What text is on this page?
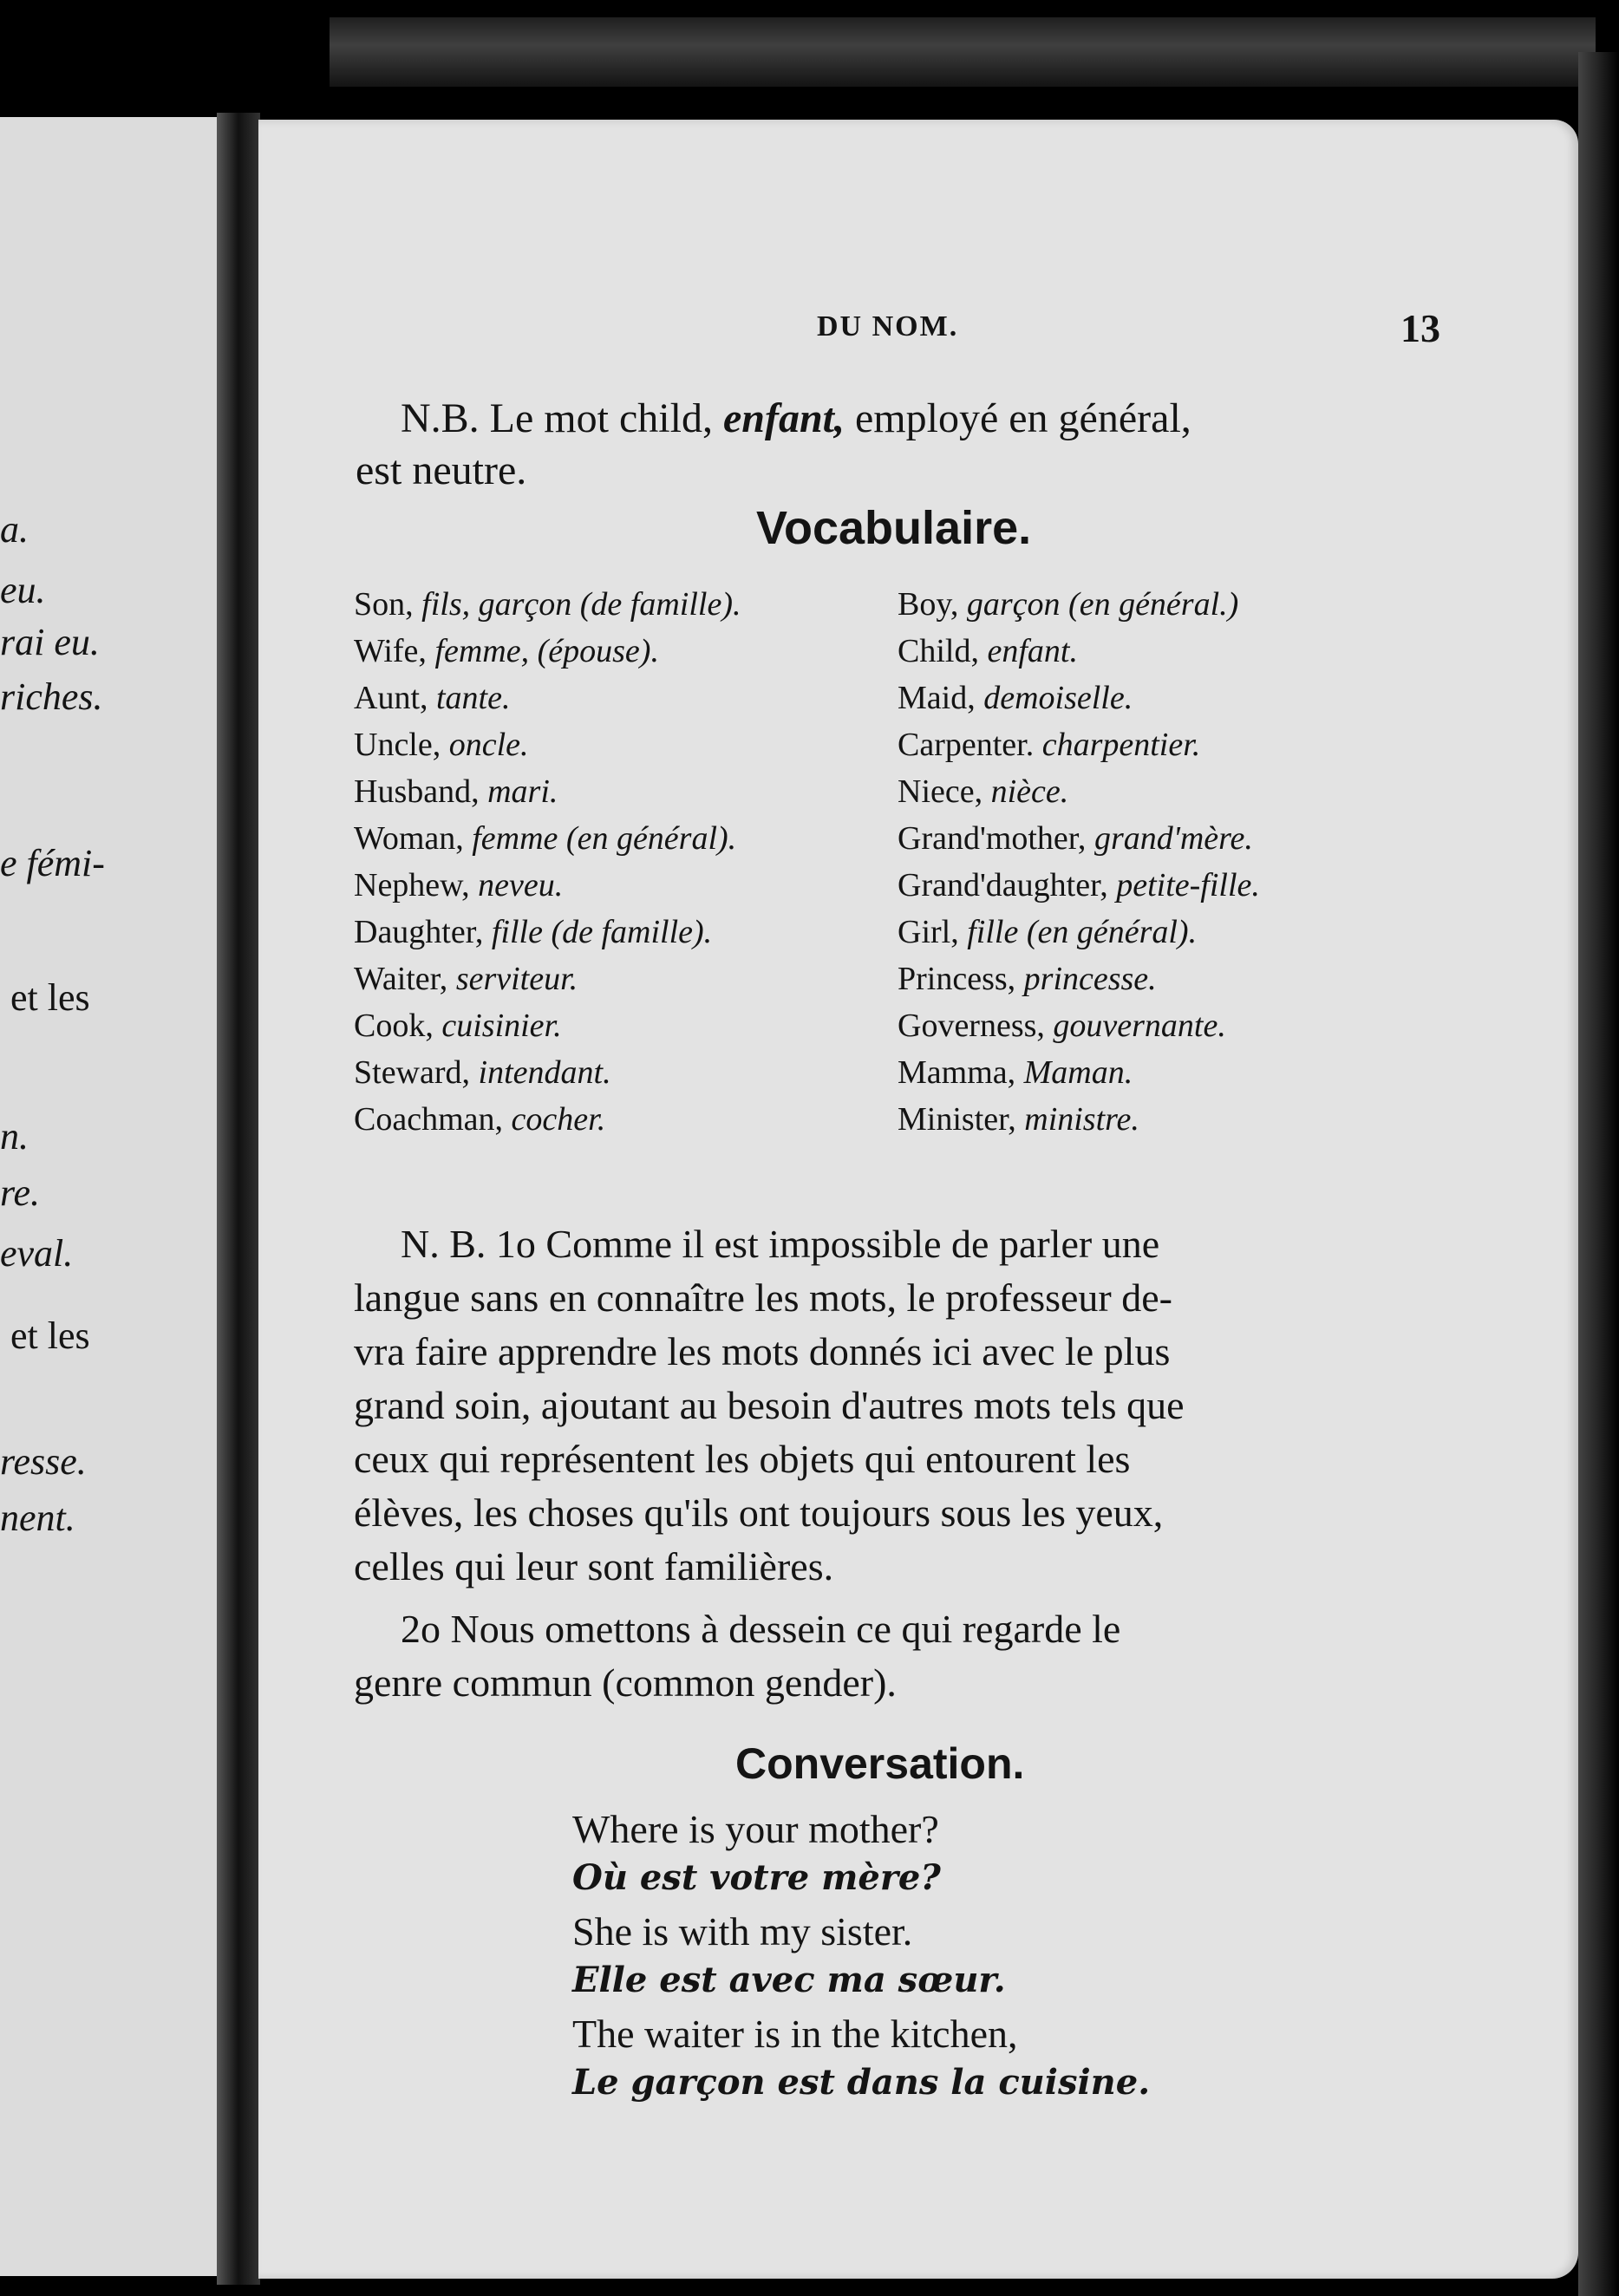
a.
eu.
rai eu.
riches.
e fémi-
et les
n.
re.
eval.
et les
resse.
nent.
DU NOM.	13
N.B. Le mot child, enfant, employé en général,
est neutre.
Vocabulaire.
Son, fils, garçon (de famille).
Wife, femme, (épouse).
Aunt, tante.
Uncle, oncle.
Husband, mari.
Woman, femme (en général).
Nephew, neveu.
Daughter, fille (de famille).
Waiter, serviteur.
Cook, cuisinier.
Steward, intendant.
Coachman, cocher.
Boy, garçon (en général.)
Child, enfant.
Maid, demoiselle.
Carpenter. charpentier.
Niece, nièce.
Grand'mother, grand'mère.
Grand'daughter, petite-fille.
Girl, fille (en général).
Princess, princesse.
Governess, gouvernante.
Mamma, Maman.
Minister, ministre.
N. B. 1o Comme il est impossible de parler une
langue sans en connaître les mots, le professeur de-
vra faire apprendre les mots donnés ici avec le plus
grand soin, ajoutant au besoin d'autres mots tels que
ceux qui représentent les objets qui entourent les
élèves, les choses qu'ils ont toujours sous les yeux,
celles qui leur sont familières.
2o Nous omettons à dessein ce qui regarde le
genre commun (common gender).
Conversation.
Where is your mother?
Où est votre mère?
She is with my sister.
Elle est avec ma sœur.
The waiter is in the kitchen,
Le garçon est dans la cuisine.
